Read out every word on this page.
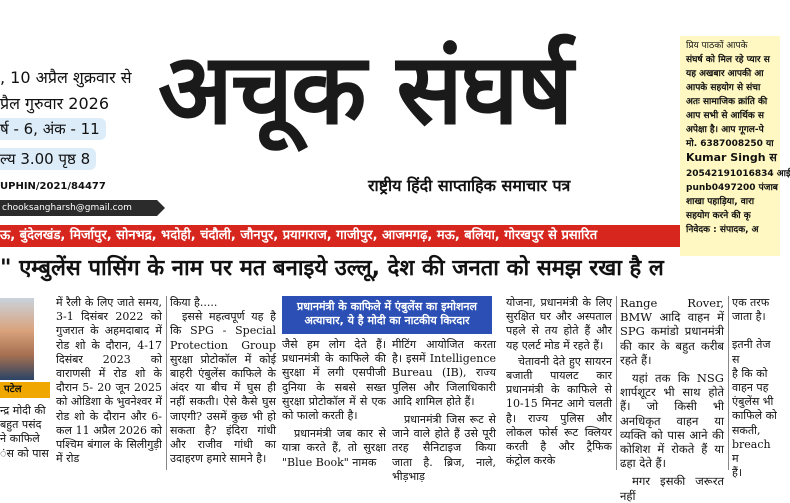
, 10 अप्रैल शुक्रवार से
प्रैल गुरुवार 2026
र्ष - 6, अंक - 11
ल्य 3.00 पृष्ठ 8
UPHIN/2021/84477
chooksangharsh@gmail.com
अचूक संघर्ष
राष्ट्रीय हिंदी साप्ताहिक समाचार पत्र
प्रिय पाठकों आपके
संघर्ष को मिल रहे प्यार स
यह अखबार आपकी आ
आपके सहयोग से संचा
अतः सामाजिक क्रांति की
आप सभी से आर्थिक स
अपेक्षा है। आप गूगल-पे
मो. 6387008250 या
Kumar Singh स
20542191016834 आई
punb0497200 पंजाब
शाखा पहाड़िया, वारा
सहयोग करने की कृ
निवेदक : संपादक, अ
ऊ, बुंदेलखंड, मिर्जापुर, सोनभद्र, भदोही, चंदौली, जौनपुर, प्रयागराज, गाजीपुर, आजमगढ़, मऊ, बलिया, गोरखपुर से प्रसारित
" एम्बुलेंस पासिंग के नाम पर मत बनाइये उल्लू, देश की जनता को समझ रखा है ल
पटेल

न्द्र मोदी की

बहुत पसंद

ने काफिले

ंस को पास

में रैली के लिए जाते समय, 3-1 दिसंबर 2022 को गुजरात के अहमदाबाद में रोड शो के दौरान, 4-17 दिसंबर 2023 को वाराणसी में रोड शो के दौरान 5- 20 जून 2025 को ओडिशा के भुवनेश्वर में रोड शो के दौरान और 6- कल 11 अप्रैल 2026 को पश्चिम बंगाल के सिलीगुड़ी में रोड

किया है.....

इससे महत्वपूर्ण यह है कि SPG - Special Protection Group सुरक्षा प्रोटोकॉल में कोई बाहरी एंबुलेंस काफिले के अंदर या बीच में घुस ही नहीं सकती। ऐसे कैसे घुस जाएगी? उसमें कुछ भी हो सकता है? इंदिरा गांधी और राजीव गांधी का उदाहरण हमारे सामने है।

प्रधानमंत्री के काफिले में एंबुलेंस का इमोशनल
अत्याचार, ये है मोदी का नाटकीय किरदार

जैसे हम लोग देते हैं। प्रधानमंत्री के काफिले की सुरक्षा में लगी एसपीजी दुनिया के सबसे सख्त सुरक्षा प्रोटोकॉल में से एक को फालो करती है।

प्रधानमंत्री जब कार से यात्रा करते हैं, तो सुरक्षा "Blue Book" नामक

मीटिंग आयोजित करता है। इसमें Intelligence Bureau (IB), राज्य पुलिस और जिलाधिकारी आदि शामिल होते हैं।

प्रधानमंत्री जिस रूट से जाने वाले होते हैं उसे पूरी तरह सैनिटाइज किया जाता है. ब्रिज, नाले, भीड़भाड़

योजना, प्रधानमंत्री के लिए सुरक्षित घर और अस्पताल पहले से तय होते हैं और यह एलर्ट मोड में रहते हैं।

चेतावनी देते हुए सायरन बजाती पायलट कार प्रधानमंत्री के काफिले से 10-15 मिनट आगे चलती है। राज्य पुलिस और लोकल फोर्स रूट क्लियर करती है और ट्रैफिक कंट्रोल करके

Range Rover, BMW आदि वाहन में SPG कमांडो प्रधानमंत्री की कार के बहुत करीब रहते हैं।

यहां तक कि NSG शार्पशूटर भी साथ होते हैं। जो किसी भी अनधिकृत वाहन या व्यक्ति को पास आने की कोशिश में रोकते हैं या ढहा देते हैं।

मगर इसकी जरूरत नहीं

एक तरफ

जाता है।

इतनी तेज स

है कि को

वाहन पह

एंबुलेंस भी

काफिले को

सकती,

breach म

हैं।
